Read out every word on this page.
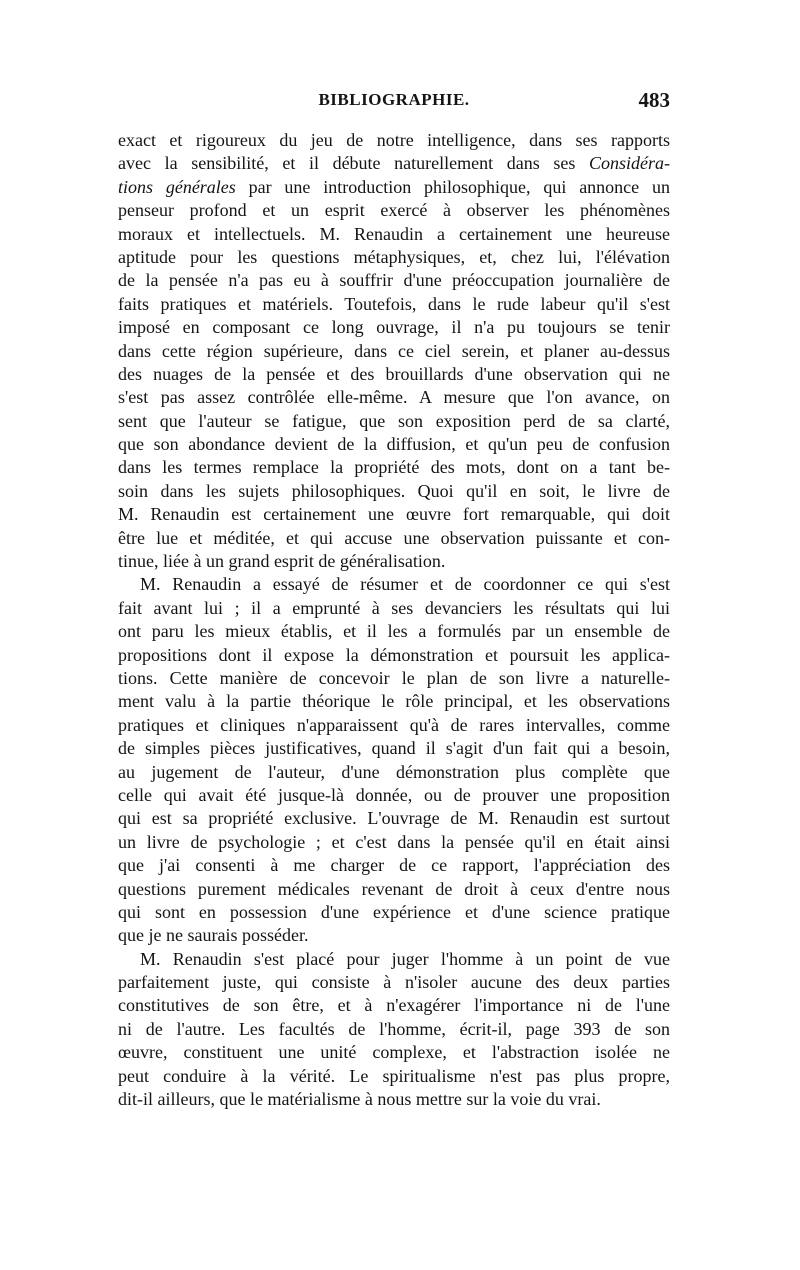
BIBLIOGRAPHIE.	483
exact et rigoureux du jeu de notre intelligence, dans ses rapports
avec la sensibilité, et il débute naturellement dans ses Considéra-
tions générales par une introduction philosophique, qui annonce un
penseur profond et un esprit exercé à observer les phénomènes
moraux et intellectuels. M. Renaudin a certainement une heureuse
aptitude pour les questions métaphysiques, et, chez lui, l'élévation
de la pensée n'a pas eu à souffrir d'une préoccupation journalière de
faits pratiques et matériels. Toutefois, dans le rude labeur qu'il s'est
imposé en composant ce long ouvrage, il n'a pu toujours se tenir
dans cette région supérieure, dans ce ciel serein, et planer au-dessus
des nuages de la pensée et des brouillards d'une observation qui ne
s'est pas assez contrôlée elle-même. A mesure que l'on avance, on
sent que l'auteur se fatigue, que son exposition perd de sa clarté,
que son abondance devient de la diffusion, et qu'un peu de confusion
dans les termes remplace la propriété des mots, dont on a tant be-
soin dans les sujets philosophiques. Quoi qu'il en soit, le livre de
M. Renaudin est certainement une œuvre fort remarquable, qui doit
être lue et méditée, et qui accuse une observation puissante et con-
tinue, liée à un grand esprit de généralisation.
M. Renaudin a essayé de résumer et de coordonner ce qui s'est
fait avant lui ; il a emprunté à ses devanciers les résultats qui lui
ont paru les mieux établis, et il les a formulés par un ensemble de
propositions dont il expose la démonstration et poursuit les applica-
tions. Cette manière de concevoir le plan de son livre a naturelle-
ment valu à la partie théorique le rôle principal, et les observations
pratiques et cliniques n'apparaissent qu'à de rares intervalles, comme
de simples pièces justificatives, quand il s'agit d'un fait qui a besoin,
au jugement de l'auteur, d'une démonstration plus complète que
celle qui avait été jusque-là donnée, ou de prouver une proposition
qui est sa propriété exclusive. L'ouvrage de M. Renaudin est surtout
un livre de psychologie ; et c'est dans la pensée qu'il en était ainsi
que j'ai consenti à me charger de ce rapport, l'appréciation des
questions purement médicales revenant de droit à ceux d'entre nous
qui sont en possession d'une expérience et d'une science pratique
que je ne saurais posséder.
M. Renaudin s'est placé pour juger l'homme à un point de vue
parfaitement juste, qui consiste à n'isoler aucune des deux parties
constitutives de son être, et à n'exagérer l'importance ni de l'une
ni de l'autre. Les facultés de l'homme, écrit-il, page 393 de son
œuvre, constituent une unité complexe, et l'abstraction isolée ne
peut conduire à la vérité. Le spiritualisme n'est pas plus propre,
dit-il ailleurs, que le matérialisme à nous mettre sur la voie du vrai.
